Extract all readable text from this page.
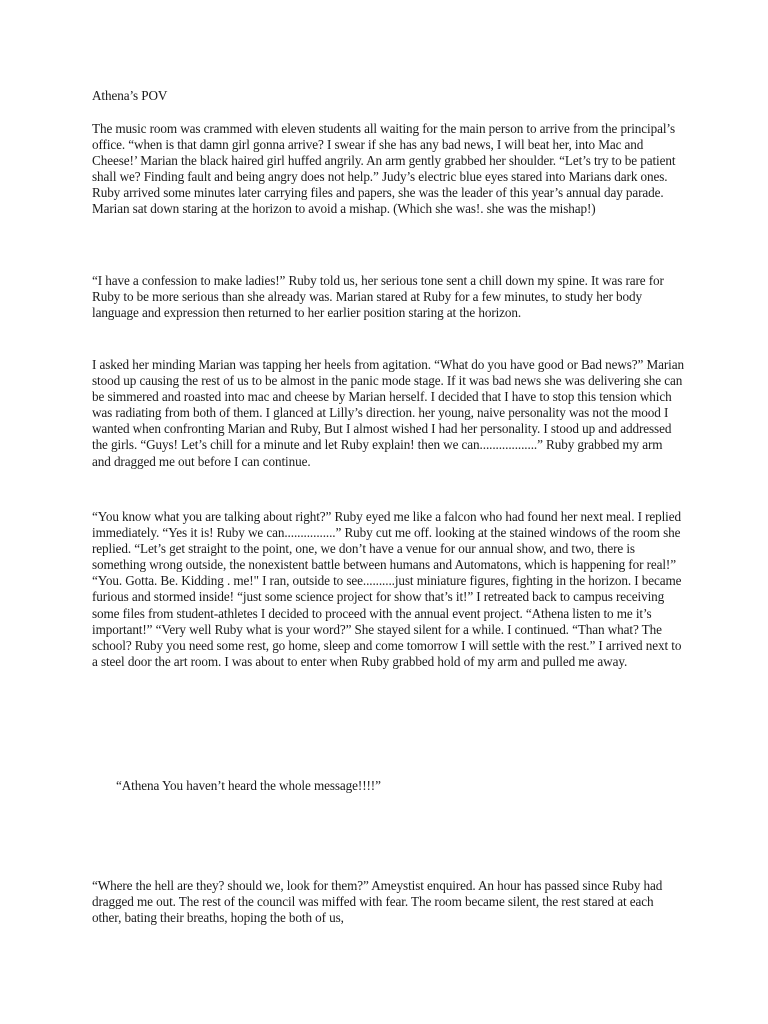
Athena’s POV

The music room was crammed with eleven students all waiting for the main person to arrive from the principal’s office. “when is that damn girl gonna arrive? I swear if she has any bad news, I will beat her, into Mac and Cheese!’ Marian the black haired girl huffed angrily. An arm gently grabbed her shoulder. “Let’s try to be patient shall we? Finding fault and being angry does not help.” Judy’s electric blue eyes stared into Marians dark ones. Ruby arrived some minutes later carrying files and papers, she was the leader of this year’s annual day parade. Marian sat down staring at the horizon to avoid a mishap. (Which she was!. she was the mishap!)

“I have a confession to make ladies!” Ruby told us, her serious tone sent a chill down my spine. It was rare for Ruby to be more serious than she already was. Marian stared at Ruby for a few minutes, to study her body language and expression then returned to her earlier position staring at the horizon.

I asked her minding Marian was tapping her heels from agitation. “What do you have good or Bad news?” Marian stood up causing the rest of us to be almost in the panic mode stage. If it was bad news she was delivering she can be simmered and roasted into mac and cheese by Marian herself. I decided that I have to stop this tension which was radiating from both of them. I glanced at Lilly’s direction. her young, naive personality was not the mood I wanted when confronting Marian and Ruby, But I almost wished I had her personality. I stood up and addressed the girls. “Guys! Let’s chill for a minute and let Ruby explain! then we can..................” Ruby grabbed my arm and dragged me out before I can continue.

“You know what you are talking about right?” Ruby eyed me like a falcon who had found her next meal. I replied immediately. “Yes it is! Ruby we can................” Ruby cut me off. looking at the stained windows of the room she replied. “Let’s get straight to the point, one, we don’t have a venue for our annual show, and two, there is something wrong outside, the nonexistent battle between humans and Automatons, which is happening for real!” “You. Gotta. Be. Kidding . me!" I ran, outside to see..........just miniature figures, fighting in the horizon. I became furious and stormed inside! “just some science project for show that’s it!” I retreated back to campus receiving some files from student-athletes I decided to proceed with the annual event project. “Athena listen to me it’s important!” “Very well Ruby what is your word?” She stayed silent for a while. I continued. “Than what? The school? Ruby you need some rest, go home, sleep and come tomorrow I will settle with the rest.” I arrived next to a steel door the art room. I was about to enter when Ruby grabbed hold of my arm and pulled me away.

“Athena You haven’t heard the whole message!!!!”

“Where the hell are they? should we, look for them?” Ameystist enquired. An hour has passed since Ruby had dragged me out. The rest of the council was miffed with fear. The room became silent, the rest stared at each other, bating their breaths, hoping the both of us,
